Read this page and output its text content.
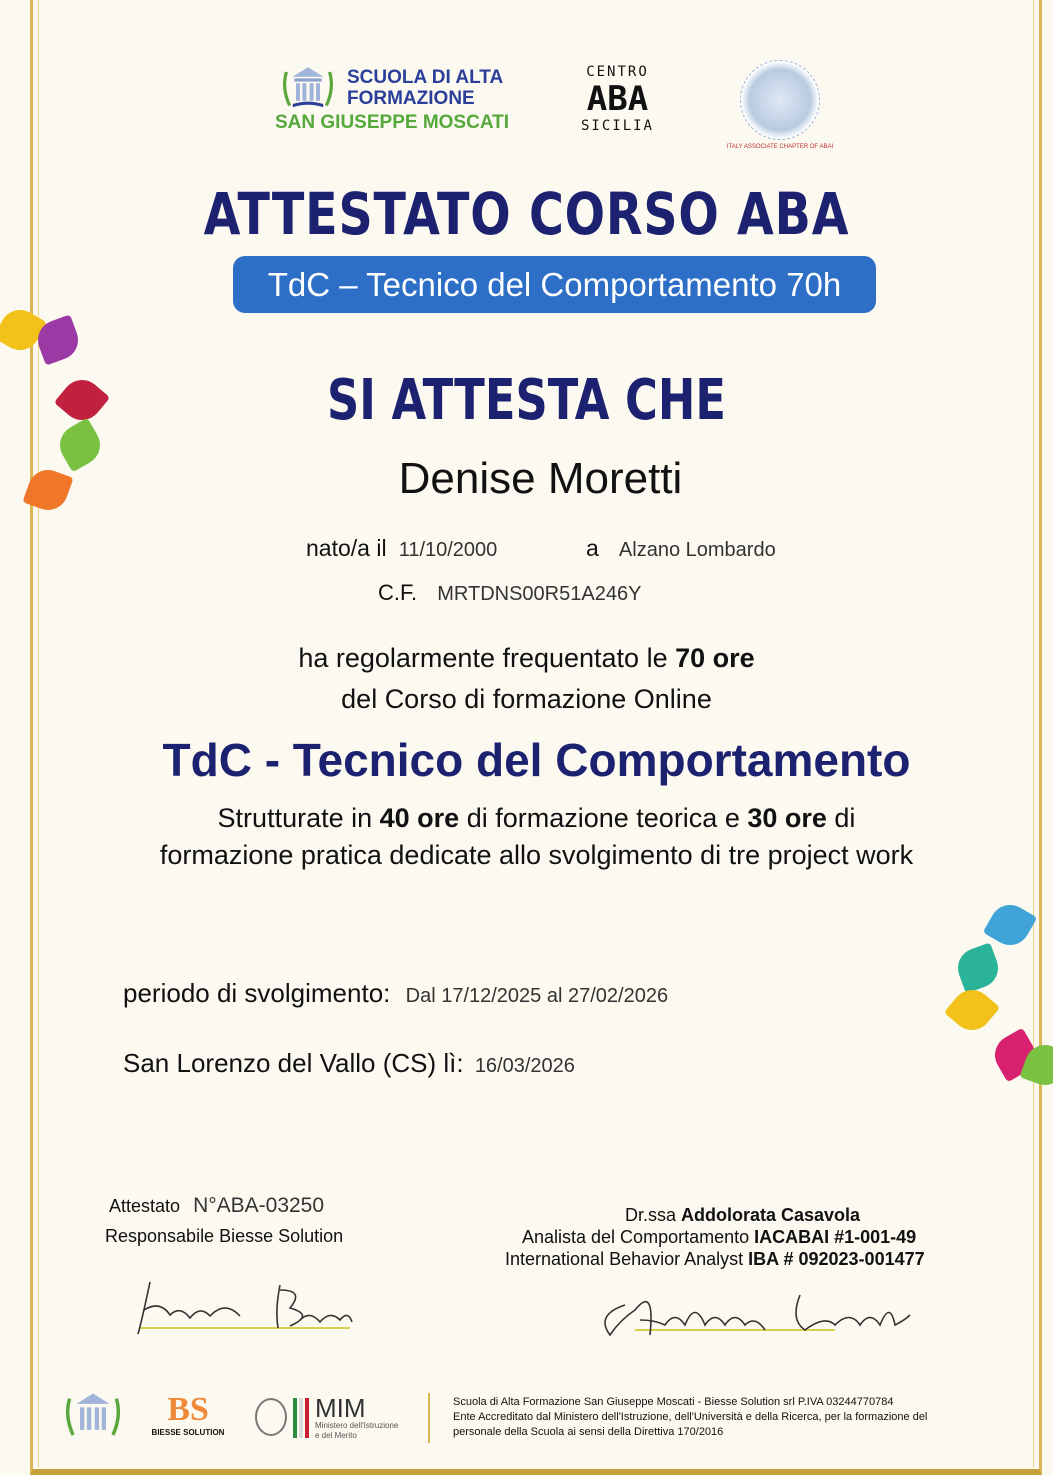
SCUOLA DI ALTA
FORMAZIONE
SAN GIUSEPPE MOSCATI
CENTRO
ABA
SICILIA
ITALY ASSOCIATE CHAPTER OF ABAI
ATTESTATO CORSO ABA
TdC – Tecnico del Comportamento 70h
SI ATTESTA CHE
Denise Moretti
nato/a il 11/10/2000	a Alzano Lombardo
C.F. MRTDNS00R51A246Y
ha regolarmente frequentato le 70 ore
del Corso di formazione Online
TdC - Tecnico del Comportamento
Strutturate in 40 ore di formazione teorica e 30 ore di
formazione pratica dedicate allo svolgimento di tre project work
periodo di svolgimento: Dal 17/12/2025 al 27/02/2026
San Lorenzo del Vallo (CS) lì: 16/03/2026
Attestato N°ABA-03250
Responsabile Biesse Solution
Dr.ssa Addolorata Casavola
Analista del Comportamento IACABAI #1-001-49
International Behavior Analyst IBA # 092023-001477
BS
BIESSE SOLUTION
MIM
Ministero dell'Istruzione
e del Merito
Scuola di Alta Formazione San Giuseppe Moscati - Biesse Solution srl P.IVA 03244770784
Ente Accreditato dal Ministero dell'Istruzione, dell'Università e della Ricerca, per la formazione del
personale della Scuola ai sensi della Direttiva 170/2016
